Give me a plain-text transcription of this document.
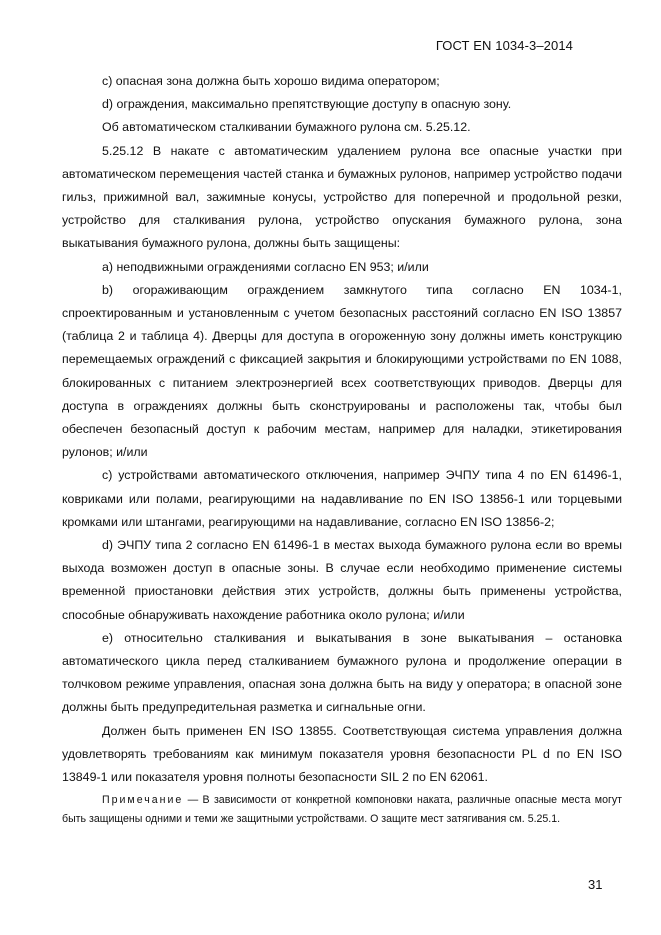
ГОСТ EN 1034-3–2014

c) опасная зона должна быть хорошо видима оператором;

d) ограждения, максимально препятствующие доступу в опасную зону.

Об автоматическом сталкивании бумажного рулона см. 5.25.12.

5.25.12 В накате с автоматическим удалением рулона все опасные участки при автоматическом перемещения частей станка и бумажных рулонов, например устройство подачи гильз, прижимной вал, зажимные конусы, устройство для поперечной и продольной резки, устройство для сталкивания рулона, устройство опускания бумажного рулона, зона выкатывания бумажного рулона, должны быть защищены:

a) неподвижными ограждениями согласно EN 953; и/или

b) огораживающим ограждением замкнутого типа согласно EN 1034-1, спроектированным и установленным с учетом безопасных расстояний согласно EN ISO 13857 (таблица 2 и таблица 4). Дверцы для доступа в огороженную зону должны иметь конструкцию перемещаемых ограждений с фиксацией закрытия и блокирующими устройствами по EN 1088, блокированных с питанием электроэнергией всех соответствующих приводов. Дверцы для доступа в ограждениях должны быть сконструированы и расположены так, чтобы был обеспечен безопасный доступ к рабочим местам, например для наладки, этикетирования рулонов; и/или

c) устройствами автоматического отключения, например ЭЧПУ типа 4 по EN 61496-1, ковриками или полами, реагирующими на надавливание по EN ISO 13856-1 или торцевыми кромками или штангами, реагирующими на надавливание, согласно EN ISO 13856-2;

d) ЭЧПУ типа 2 согласно EN 61496-1 в местах выхода бумажного рулона если во времы выхода возможен доступ в опасные зоны. В случае если необходимо применение системы временной приостановки действия этих устройств, должны быть применены устройства, способные обнаруживать нахождение работника около рулона; и/или

e) относительно сталкивания и выкатывания в зоне выкатывания – остановка автоматического цикла перед сталкиванием бумажного рулона и продолжение операции в толчковом режиме управления, опасная зона должна быть на виду у оператора; в опасной зоне должны быть предупредительная разметка и сигнальные огни.

Должен быть применен EN ISO 13855. Соответствующая система управления должна удовлетворять требованиям как минимум показателя уровня безопасности PL d по EN ISO 13849-1 или показателя уровня полноты безопасности SIL 2 по EN 62061.

Примечание — В зависимости от конкретной компоновки наката, различные опасные места могут быть защищены одними и теми же защитными устройствами. О защите мест затягивания см. 5.25.1.

31
